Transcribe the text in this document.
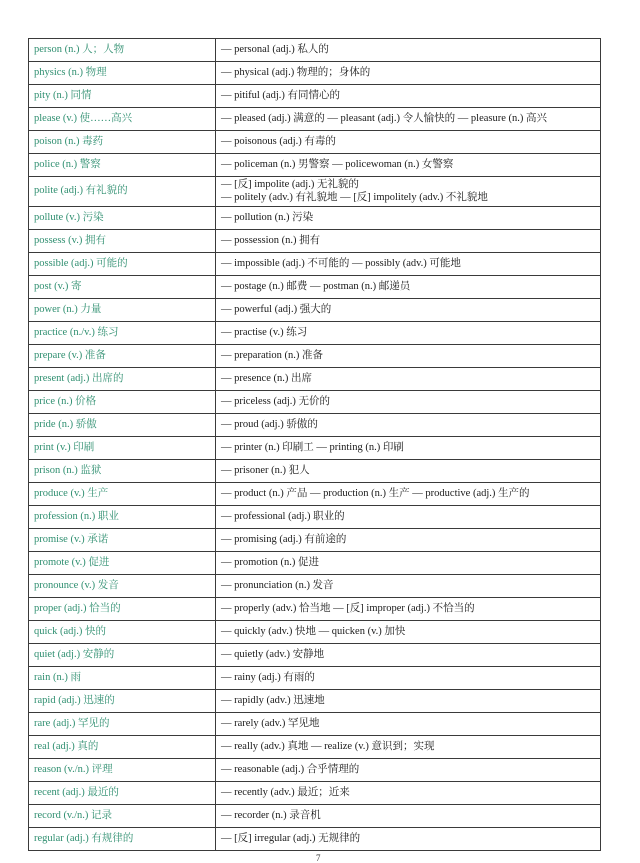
person (n.) 人；人物	— personal (adj.) 私人的

physics (n.) 物理	— physical (adj.) 物理的；身体的

pity (n.) 同情	— pitiful (adj.) 有同情心的

please (v.) 使……高兴	— pleased (adj.) 满意的 — pleasant (adj.) 令人愉快的 — pleasure (n.) 高兴

poison (n.) 毒药	— poisonous (adj.) 有毒的

police (n.) 警察	— policeman (n.) 男警察 — policewoman (n.) 女警察

polite (adj.) 有礼貌的	— [反] impolite (adj.) 无礼貌的
— politely (adv.) 有礼貌地 — [反] impolitely (adv.) 不礼貌地

pollute (v.) 污染	— pollution (n.) 污染

possess (v.) 拥有	— possession (n.) 拥有

possible (adj.) 可能的	— impossible (adj.) 不可能的 — possibly (adv.) 可能地

post (v.) 寄	— postage (n.) 邮费 — postman (n.) 邮递员

power (n.) 力量	— powerful (adj.) 强大的

practice (n./v.) 练习	— practise (v.) 练习

prepare (v.) 准备	— preparation (n.) 准备

present (adj.) 出席的	— presence (n.) 出席

price (n.) 价格	— priceless (adj.) 无价的

pride (n.) 骄傲	— proud (adj.) 骄傲的

print (v.) 印刷	— printer (n.) 印刷工 — printing (n.) 印刷

prison (n.) 监狱	— prisoner (n.) 犯人

produce (v.) 生产	— product (n.) 产品 — production (n.) 生产 — productive (adj.) 生产的

profession (n.) 职业	— professional (adj.) 职业的

promise (v.) 承诺	— promising (adj.) 有前途的

promote (v.) 促进	— promotion (n.) 促进

pronounce (v.) 发音	— pronunciation (n.) 发音

proper (adj.) 恰当的	— properly (adv.) 恰当地 — [反] improper (adj.) 不恰当的

quick (adj.) 快的	— quickly (adv.) 快地 — quicken (v.) 加快

quiet (adj.) 安静的	— quietly (adv.) 安静地

rain (n.) 雨	— rainy (adj.) 有雨的

rapid (adj.) 迅速的	— rapidly (adv.) 迅速地

rare (adj.) 罕见的	— rarely (adv.) 罕见地

real (adj.) 真的	— really (adv.) 真地 — realize (v.) 意识到；实现

reason (v./n.) 评理	— reasonable (adj.) 合乎情理的

recent (adj.) 最近的	— recently (adv.) 最近；近来

record (v./n.) 记录	— recorder (n.) 录音机

regular (adj.) 有规律的	— [反] irregular (adj.) 无规律的
7
